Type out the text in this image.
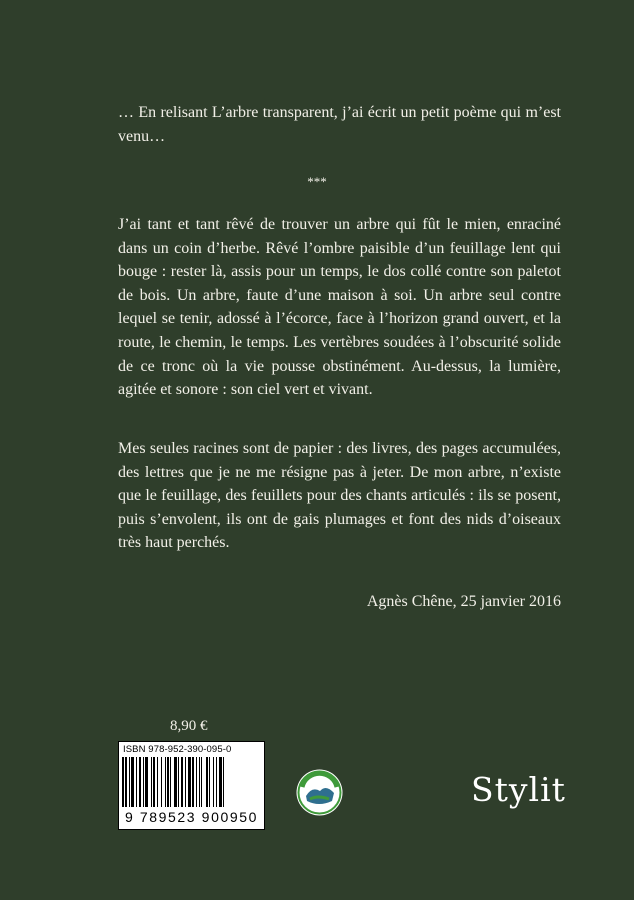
… En relisant L’arbre transparent, j’ai écrit un petit poème qui m’est venu…
***
J’ai tant et tant rêvé de trouver un arbre qui fût le mien, enraciné dans un coin d’herbe. Rêvé l’ombre paisible d’un feuillage lent qui bouge : rester là, assis pour un temps, le dos collé contre son paletot de bois. Un arbre, faute d’une maison à soi. Un arbre seul contre lequel se tenir, adossé à l’écorce, face à l’horizon grand ouvert, et la route, le chemin, le temps. Les vertèbres soudées à l’obscurité solide de ce tronc où la vie pousse obstinément. Au-dessus, la lumière, agitée et sonore : son ciel vert et vivant.
Mes seules racines sont de papier : des livres, des pages accumulées, des lettres que je ne me résigne pas à jeter. De mon arbre, n’existe que le feuillage, des feuillets pour des chants articulés : ils se posent, puis s’envolent, ils ont de gais plumages et font des nids d’oiseaux très haut perchés.
Agnès Chêne, 25 janvier 2016
8,90 €
ISBN 978-952-390-095-0
9 789523 900950
Stylit
